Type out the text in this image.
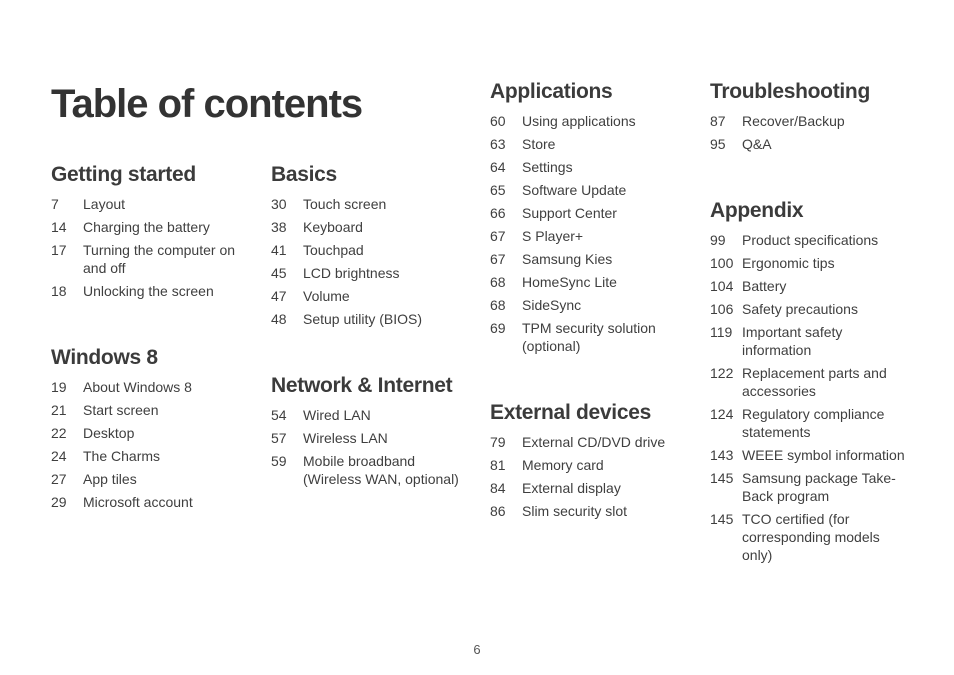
Table of contents
Getting started
7	Layout
14	Charging the battery
17	Turning the computer on and off
18	Unlocking the screen
Windows 8
19	About Windows 8
21	Start screen
22	Desktop
24	The Charms
27	App tiles
29	Microsoft account
Basics
30	Touch screen
38	Keyboard
41	Touchpad
45	LCD brightness
47	Volume
48	Setup utility (BIOS)
Network & Internet
54	Wired LAN
57	Wireless LAN
59	Mobile broadband (Wireless WAN, optional)
Applications
60	Using applications
63	Store
64	Settings
65	Software Update
66	Support Center
67	S Player+
67	Samsung Kies
68	HomeSync Lite
68	SideSync
69	TPM security solution (optional)
External devices
79	External CD/DVD drive
81	Memory card
84	External display
86	Slim security slot
Troubleshooting
87	Recover/Backup
95	Q&A
Appendix
99	Product specifications
100 Ergonomic tips
104 Battery
106 Safety precautions
119 Important safety information
122 Replacement parts and accessories
124 Regulatory compliance statements
143 WEEE symbol information
145 Samsung package Take-Back program
145 TCO certified (for corresponding models only)
6
